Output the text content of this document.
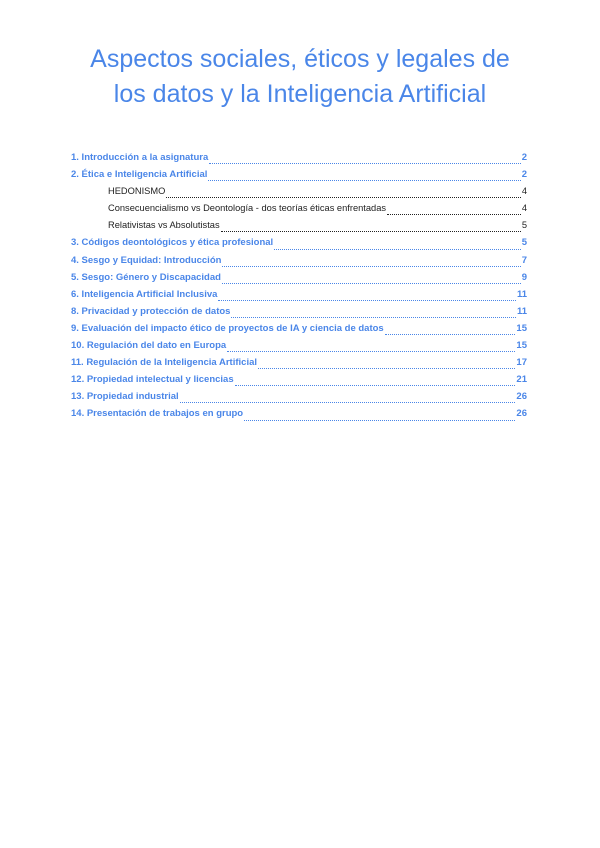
Aspectos sociales, éticos y legales de
los datos y la Inteligencia Artificial
1. Introducción a la asignatura	2
2. Ética e Inteligencia Artificial	2
HEDONISMO	4
Consecuencialismo vs Deontología - dos teorías éticas enfrentadas	4
Relativistas vs Absolutistas	5
3. Códigos deontológicos y ética profesional	5
4. Sesgo y Equidad: Introducción	7
5. Sesgo: Género y Discapacidad	9
6. Inteligencia Artificial Inclusiva	11
8. Privacidad y protección de datos	11
9. Evaluación del impacto ético de proyectos de IA y ciencia de datos	15
10. Regulación del dato en Europa	15
11. Regulación de la Inteligencia Artificial	17
12. Propiedad intelectual y licencias	21
13. Propiedad industrial	26
14. Presentación de trabajos en grupo	26
